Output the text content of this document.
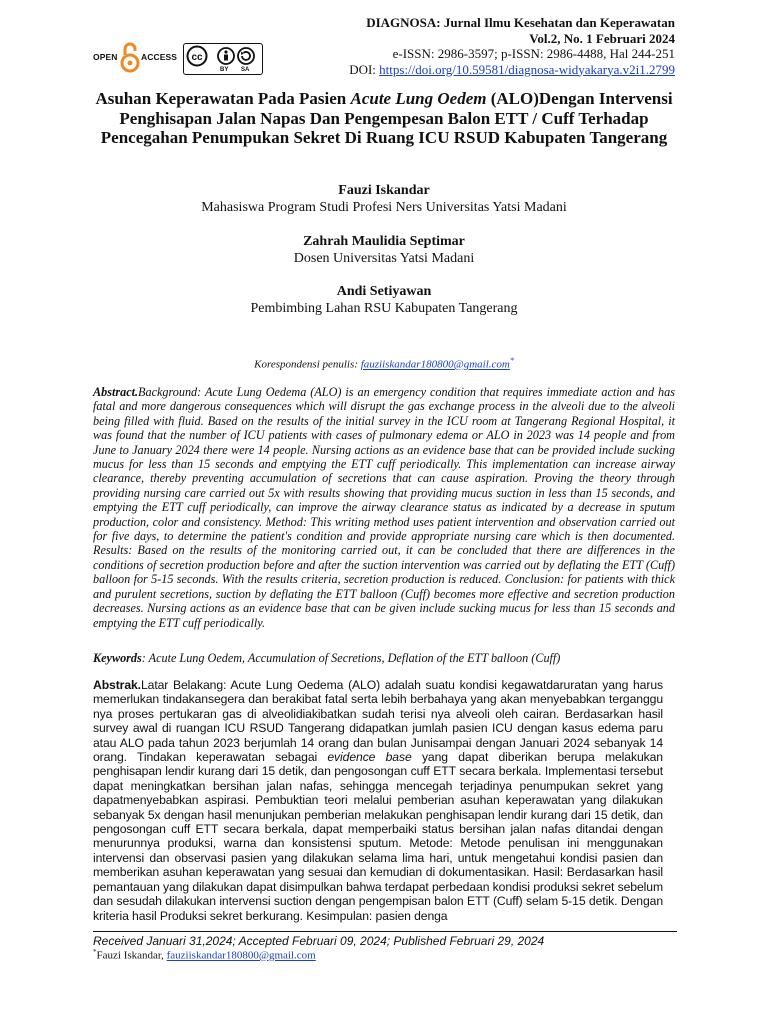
OPEN	ACCESS cc
BY SA
DIAGNOSA: Jurnal Ilmu Kesehatan dan Keperawatan
Vol.2, No. 1 Februari 2024
e-ISSN: 2986-3597; p-ISSN: 2986-4488, Hal 244-251
DOI: https://doi.org/10.59581/diagnosa-widyakarya.v2i1.2799
Asuhan Keperawatan Pada Pasien Acute Lung Oedem (ALO)Dengan Intervensi Penghisapan Jalan Napas Dan Pengempesan Balon ETT / Cuff Terhadap Pencegahan Penumpukan Sekret Di Ruang ICU RSUD Kabupaten Tangerang
Fauzi Iskandar
Mahasiswa Program Studi Profesi Ners Universitas Yatsi Madani
Zahrah Maulidia Septimar
Dosen Universitas Yatsi Madani
Andi Setiyawan
Pembimbing Lahan RSU Kabupaten Tangerang
Korespondensi penulis: fauziiskandar180800@gmail.com*
Abstract.Background: Acute Lung Oedema (ALO) is an emergency condition that requires immediate action and has fatal and more dangerous consequences which will disrupt the gas exchange process in the alveoli due to the alveoli being filled with fluid. Based on the results of the initial survey in the ICU room at Tangerang Regional Hospital, it was found that the number of ICU patients with cases of pulmonary edema or ALO in 2023 was 14 people and from June to January 2024 there were 14 people. Nursing actions as an evidence base that can be provided include sucking mucus for less than 15 seconds and emptying the ETT cuff periodically. This implementation can increase airway clearance, thereby preventing accumulation of secretions that can cause aspiration. Proving the theory through providing nursing care carried out 5x with results showing that providing mucus suction in less than 15 seconds, and emptying the ETT cuff periodically, can improve the airway clearance status as indicated by a decrease in sputum production, color and consistency. Method: This writing method uses patient intervention and observation carried out for five days, to determine the patient's condition and provide appropriate nursing care which is then documented. Results: Based on the results of the monitoring carried out, it can be concluded that there are differences in the conditions of secretion production before and after the suction intervention was carried out by deflating the ETT (Cuff) balloon for 5-15 seconds. With the results criteria, secretion production is reduced. Conclusion: for patients with thick and purulent secretions, suction by deflating the ETT balloon (Cuff) becomes more effective and secretion production decreases. Nursing actions as an evidence base that can be given include sucking mucus for less than 15 seconds and emptying the ETT cuff periodically.
Keywords: Acute Lung Oedem, Accumulation of Secretions, Deflation of the ETT balloon (Cuff)
Abstrak.Latar Belakang: Acute Lung Oedema (ALO) adalah suatu kondisi kegawatdaruratan yang harus memerlukan tindakansegera dan berakibat fatal serta lebih berbahaya yang akan menyebabkan terganggu nya proses pertukaran gas di alveolidiakibatkan sudah terisi nya alveoli oleh cairan. Berdasarkan hasil survey awal di ruangan ICU RSUD Tangerang didapatkan jumlah pasien ICU dengan kasus edema paru atau ALO pada tahun 2023 berjumlah 14 orang dan bulan Junisampai dengan Januari 2024 sebanyak 14 orang. Tindakan keperawatan sebagai evidence base yang dapat diberikan berupa melakukan penghisapan lendir kurang dari 15 detik, dan pengosongan cuff ETT secara berkala. Implementasi tersebut dapat meningkatkan bersihan jalan nafas, sehingga mencegah terjadinya penumpukan sekret yang dapatmenyebabkan aspirasi. Pembuktian teori melalui pemberian asuhan keperawatan yang dilakukan sebanyak 5x dengan hasil menunjukan pemberian melakukan penghisapan lendir kurang dari 15 detik, dan pengosongan cuff ETT secara berkala, dapat memperbaiki status bersihan jalan nafas ditandai dengan menurunnya produksi, warna dan konsistensi sputum. Metode: Metode penulisan ini menggunakan intervensi dan observasi pasien yang dilakukan selama lima hari, untuk mengetahui kondisi pasien dan memberikan asuhan keperawatan yang sesuai dan kemudian di dokumentasikan. Hasil: Berdasarkan hasil pemantauan yang dilakukan dapat disimpulkan bahwa terdapat perbedaan kondisi produksi sekret sebelum dan sesudah dilakukan intervensi suction dengan pengempisan balon ETT (Cuff) selam 5-15 detik. Dengan kriteria hasil Produksi sekret berkurang. Kesimpulan: pasien denga
Received Januari 31,2024; Accepted Februari 09, 2024; Published Februari 29, 2024
*Fauzi Iskandar, fauziiskandar180800@gmail.com
